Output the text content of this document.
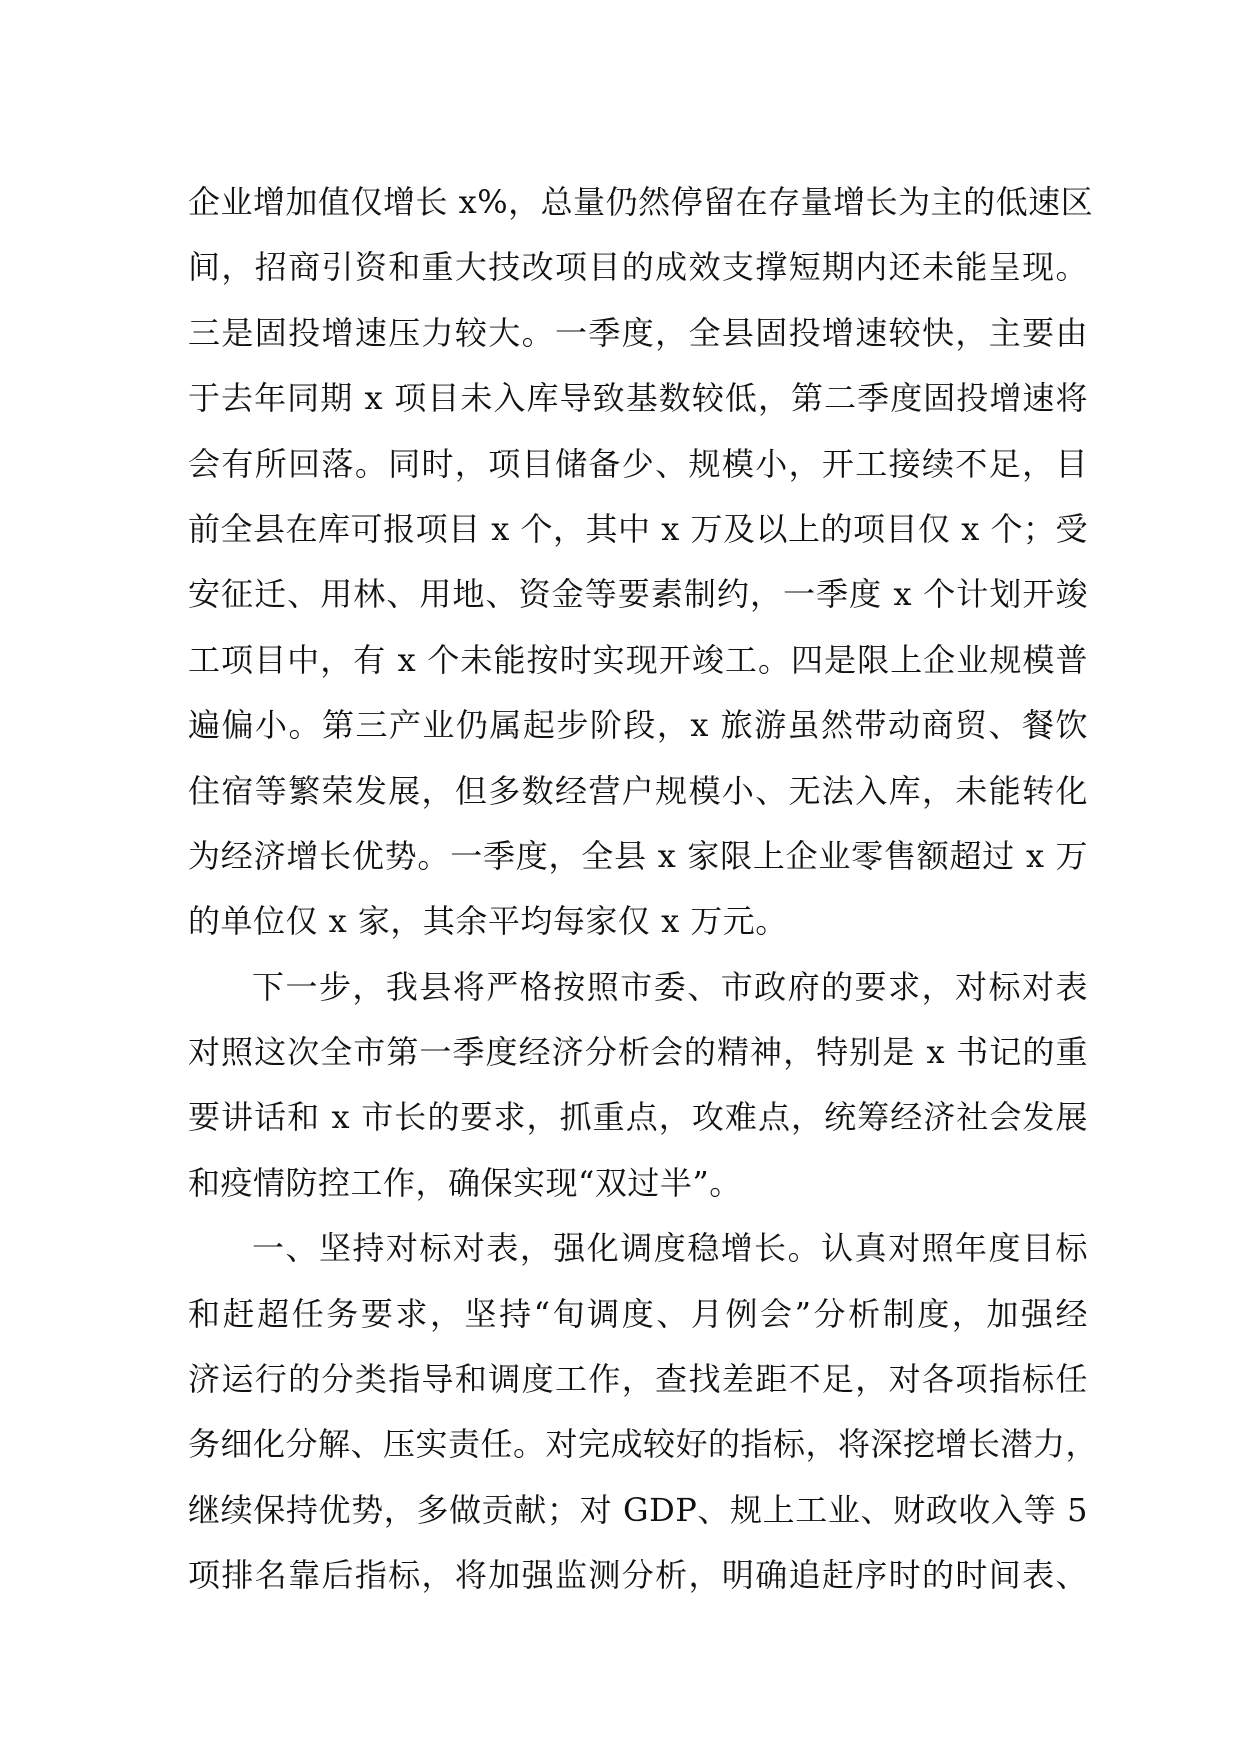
企业增加值仅增长 x%，总量仍然停留在存量增长为主的低速区
间，招商引资和重大技改项目的成效支撑短期内还未能呈现。
三是固投增速压力较大。一季度，全县固投增速较快，主要由
于去年同期 x 项目未入库导致基数较低，第二季度固投增速将
会有所回落。同时，项目储备少、规模小，开工接续不足，目
前全县在库可报项目 x 个，其中 x 万及以上的项目仅 x 个；受
安征迁、用林、用地、资金等要素制约，一季度 x 个计划开竣
工项目中，有 x 个未能按时实现开竣工。四是限上企业规模普
遍偏小。第三产业仍属起步阶段，x 旅游虽然带动商贸、餐饮
住宿等繁荣发展，但多数经营户规模小、无法入库，未能转化
为经济增长优势。一季度，全县 x 家限上企业零售额超过 x 万
的单位仅 x 家，其余平均每家仅 x 万元。
下一步，我县将严格按照市委、市政府的要求，对标对表
对照这次全市第一季度经济分析会的精神，特别是 x 书记的重
要讲话和 x 市长的要求，抓重点，攻难点，统筹经济社会发展
和疫情防控工作，确保实现“双过半”。
一、坚持对标对表，强化调度稳增长。认真对照年度目标
和赶超任务要求，坚持“旬调度、月例会”分析制度，加强经
济运行的分类指导和调度工作，查找差距不足，对各项指标任
务细化分解、压实责任。对完成较好的指标，将深挖增长潜力，
继续保持优势，多做贡献；对 GDP、规上工业、财政收入等 5
项排名靠后指标，将加强监测分析，明确追赶序时的时间表、
